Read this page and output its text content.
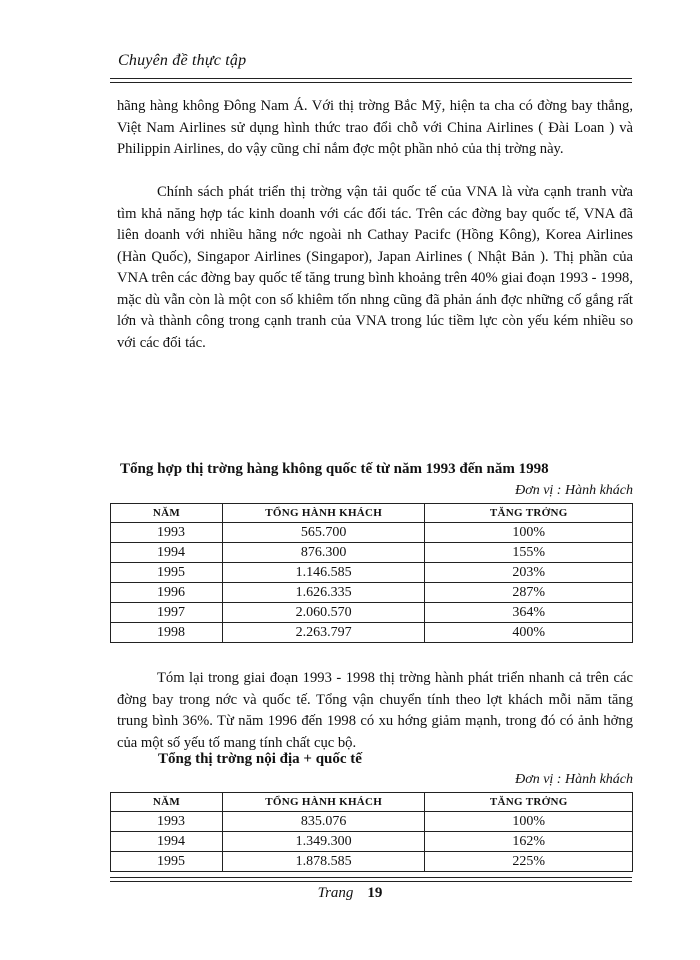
Chuyên đề thực tập

hãng hàng không Đông Nam Á. Với thị trờng Bắc Mỹ, hiện ta cha có đờng bay thẳng, Việt Nam Airlines sử dụng hình thức trao đổi chỗ với China Airlines ( Đài Loan ) và Philippin Airlines, do vậy cũng chỉ nắm đợc một phần nhỏ của thị trờng này.

Chính sách phát triển thị trờng vận tải quốc tế của VNA là vừa cạnh tranh vừa tìm khả năng hợp tác kinh doanh với các đối tác. Trên các đờng bay quốc tế, VNA đã liên doanh với nhiều hãng nớc ngoài nh Cathay Pacifc (Hồng Kông), Korea Airlines (Hàn Quốc), Singapor Airlines (Singapor), Japan Airlines ( Nhật Bản ). Thị phần của VNA trên các đờng bay quốc tế tăng trung bình khoảng trên 40% giai đoạn 1993 - 1998, mặc dù vẫn còn là một con số khiêm tốn nhng cũng đã phản ánh đợc những cố gắng rất lớn và thành công trong cạnh tranh của VNA trong lúc tiềm lực còn yếu kém nhiều so với các đối tác.

Tổng hợp thị trờng hàng không quốc tế từ năm 1993 đến năm 1998
Đơn vị : Hành khách
NĂM	TỔNG HÀNH KHÁCH	TĂNG TRỞNG
1993	565.700	100%
1994	876.300	155%
1995	1.146.585	203%
1996	1.626.335	287%
1997	2.060.570	364%
1998	2.263.797	400%

Tóm lại trong giai đoạn 1993 - 1998 thị trờng hành phát triển nhanh cả trên các đờng bay trong nớc và quốc tế. Tổng vận chuyển tính theo lợt khách mỗi năm tăng trung bình 36%. Từ năm 1996 đến 1998 có xu hớng giảm mạnh, trong đó có ảnh hởng của một số yếu tố mang tính chất cục bộ.

Tổng thị trờng nội địa + quốc tế
Đơn vị : Hành khách
NĂM	TỔNG HÀNH KHÁCH	TĂNG TRỞNG
1993	835.076	100%
1994	1.349.300	162%
1995	1.878.585	225%
Trang 19
